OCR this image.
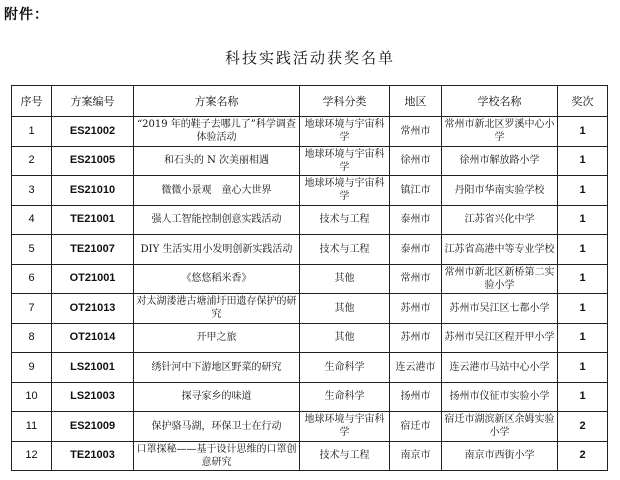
附件：
科技实践活动获奖名单
序号	方案编号	方案名称	学科分类	地区	学校名称	奖次
1	ES21002	“2019 年的鞋子去哪儿了”科学调查体验活动	地球环境与宇宙科学	常州市	常州市新北区罗溪中心小学	1
2	ES21005	和石头的 N 次美丽相遇	地球环境与宇宙科学	徐州市	徐州市解放路小学	1
3	ES21010	微微小景观　童心大世界	地球环境与宇宙科学	镇江市	丹阳市华南实验学校	1
4	TE21001	强人工智能控制创意实践活动	技术与工程	泰州市	江苏省兴化中学	1
5	TE21007	DIY 生活实用小发明创新实践活动	技术与工程	泰州市	江苏省高港中等专业学校	1
6	OT21001	《悠悠稻米香》	其他	常州市	常州市新北区新桥第二实验小学	1
7	OT21013	对太湖溇港古塘浦圩田遗存保护的研究	其他	苏州市	苏州市吴江区七都小学	1
8	OT21014	开甲之旅	其他	苏州市	苏州市吴江区程开甲小学	1
9	LS21001	绣针河中下游地区野菜的研究	生命科学	连云港市	连云港市马站中心小学	1
10	LS21003	探寻家乡的味道	生命科学	扬州市	扬州市仪征市实验小学	1
11	ES21009	保护骆马湖，环保卫士在行动	地球环境与宇宙科学	宿迁市	宿迁市湖滨新区余姆实验小学	2
12	TE21003	口罩探秘——基于设计思维的口罩创意研究	技术与工程	南京市	南京市西街小学	2
